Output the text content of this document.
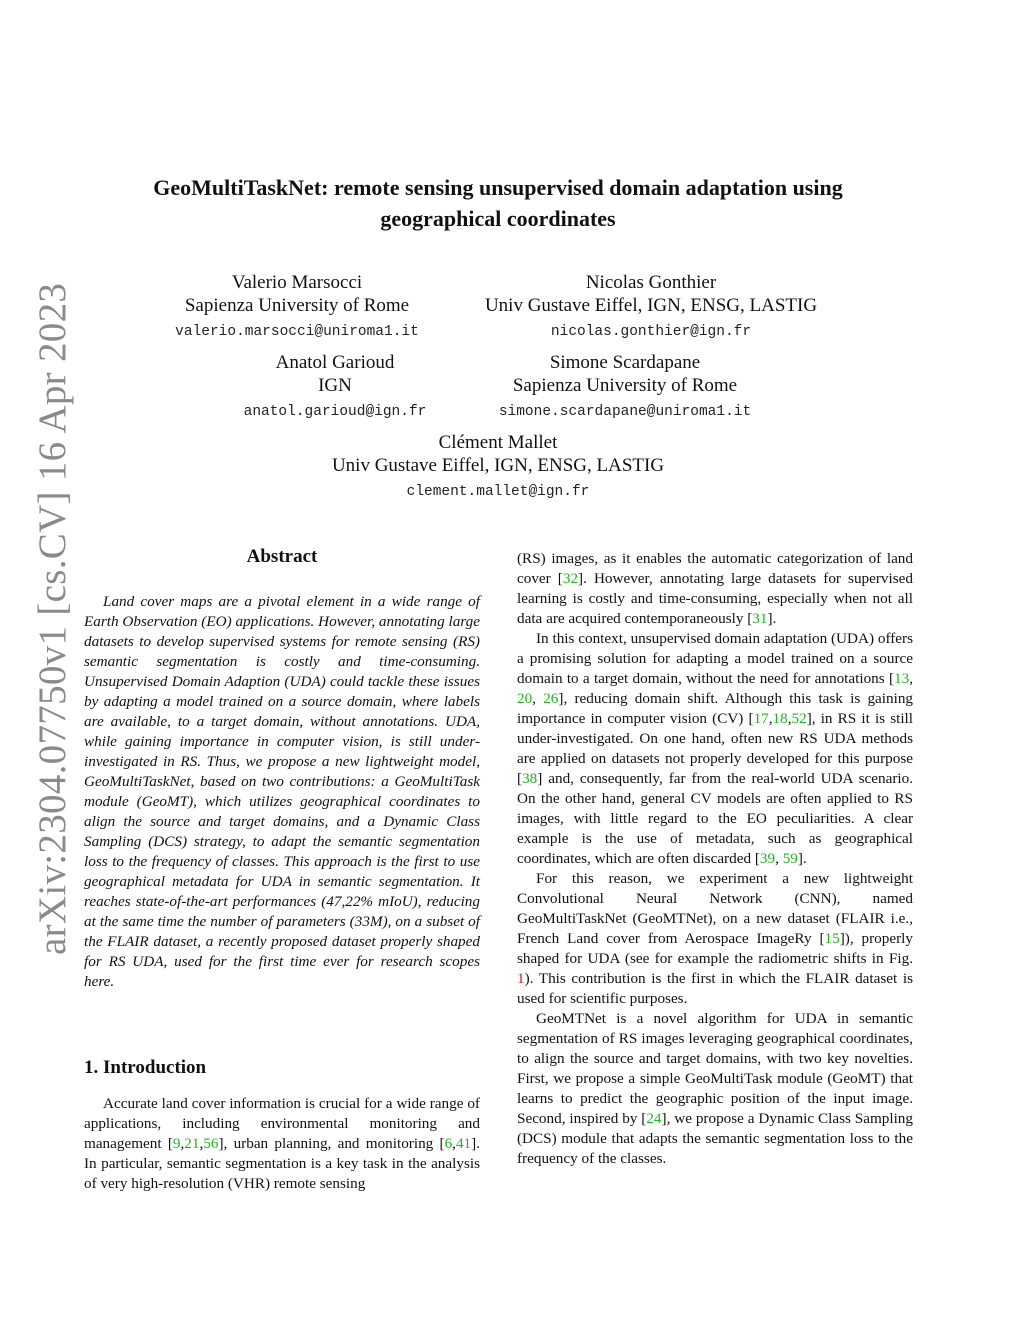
arXiv:2304.07750v1 [cs.CV] 16 Apr 2023
GeoMultiTaskNet: remote sensing unsupervised domain adaptation using
geographical coordinates
Valerio Marsocci
Sapienza University of Rome
valerio.marsocci@uniroma1.it
Nicolas Gonthier
Univ Gustave Eiffel, IGN, ENSG, LASTIG
nicolas.gonthier@ign.fr
Anatol Garioud
IGN
anatol.garioud@ign.fr
Simone Scardapane
Sapienza University of Rome
simone.scardapane@uniroma1.it
Clément Mallet
Univ Gustave Eiffel, IGN, ENSG, LASTIG
clement.mallet@ign.fr
Abstract

Land cover maps are a pivotal element in a wide range of Earth Observation (EO) applications. However, annotating large datasets to develop supervised systems for remote sensing (RS) semantic segmentation is costly and time-consuming. Unsupervised Domain Adaption (UDA) could tackle these issues by adapting a model trained on a source domain, where labels are available, to a target domain, without annotations. UDA, while gaining importance in computer vision, is still under-investigated in RS. Thus, we propose a new lightweight model, GeoMultiTaskNet, based on two contributions: a GeoMultiTask module (GeoMT), which utilizes geographical coordinates to align the source and target domains, and a Dynamic Class Sampling (DCS) strategy, to adapt the semantic segmentation loss to the frequency of classes. This approach is the first to use geographical metadata for UDA in semantic segmentation. It reaches state-of-the-art performances (47,22% mIoU), reducing at the same time the number of parameters (33M), on a subset of the FLAIR dataset, a recently proposed dataset properly shaped for RS UDA, used for the first time ever for research scopes here.

1. Introduction

Accurate land cover information is crucial for a wide range of applications, including environmental monitoring and management [9,21,56], urban planning, and monitoring [6,41]. In particular, semantic segmentation is a key task in the analysis of very high-resolution (VHR) remote sensing

(RS) images, as it enables the automatic categorization of land cover [32]. However, annotating large datasets for supervised learning is costly and time-consuming, especially when not all data are acquired contemporaneously [31].

In this context, unsupervised domain adaptation (UDA) offers a promising solution for adapting a model trained on a source domain to a target domain, without the need for annotations [13, 20, 26], reducing domain shift. Although this task is gaining importance in computer vision (CV) [17,18,52], in RS it is still under-investigated. On one hand, often new RS UDA methods are applied on datasets not properly developed for this purpose [38] and, consequently, far from the real-world UDA scenario. On the other hand, general CV models are often applied to RS images, with little regard to the EO peculiarities. A clear example is the use of metadata, such as geographical coordinates, which are often discarded [39, 59].

For this reason, we experiment a new lightweight Convolutional Neural Network (CNN), named GeoMultiTaskNet (GeoMTNet), on a new dataset (FLAIR i.e., French Land cover from Aerospace ImageRy [15]), properly shaped for UDA (see for example the radiometric shifts in Fig. 1). This contribution is the first in which the FLAIR dataset is used for scientific purposes.

GeoMTNet is a novel algorithm for UDA in semantic segmentation of RS images leveraging geographical coordinates, to align the source and target domains, with two key novelties. First, we propose a simple GeoMultiTask module (GeoMT) that learns to predict the geographic position of the input image. Second, inspired by [24], we propose a Dynamic Class Sampling (DCS) module that adapts the semantic segmentation loss to the frequency of the classes.
